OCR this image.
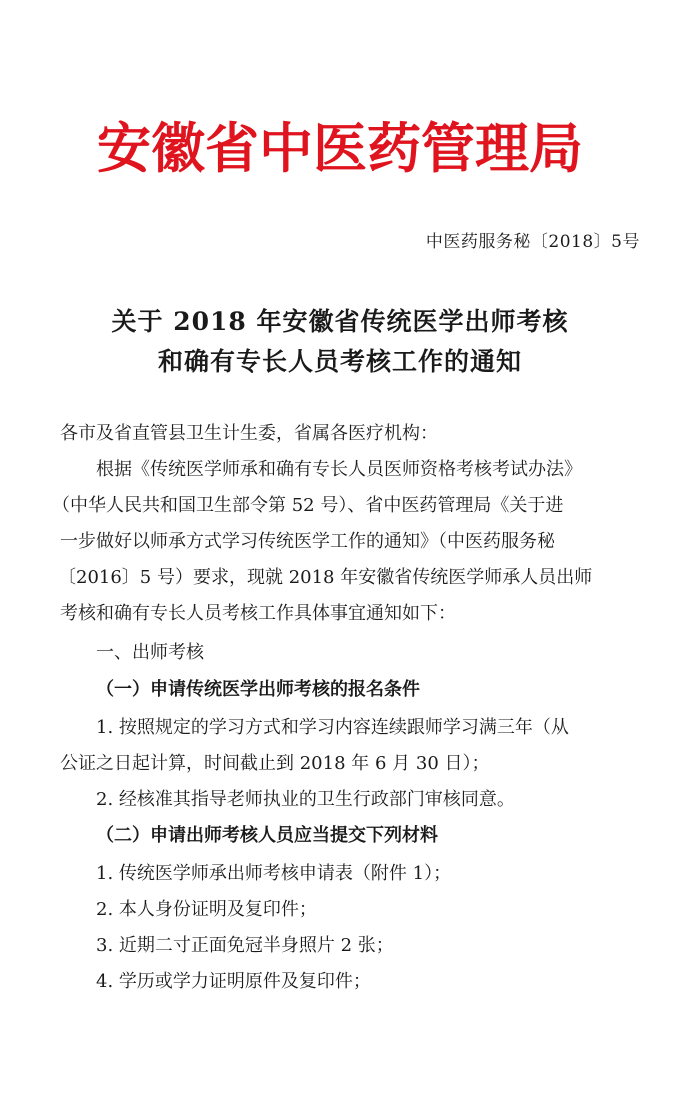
安徽省中医药管理局
中医药服务秘〔2018〕5号
关于 2018 年安徽省传统医学出师考核
和确有专长人员考核工作的通知
各市及省直管县卫生计生委，省属各医疗机构：
根据《传统医学师承和确有专长人员医师资格考核考试办法》
（中华人民共和国卫生部令第 52 号）、省中医药管理局《关于进
一步做好以师承方式学习传统医学工作的通知》（中医药服务秘
〔2016〕5 号）要求，现就 2018 年安徽省传统医学师承人员出师
考核和确有专长人员考核工作具体事宜通知如下：
一、出师考核
（一）申请传统医学出师考核的报名条件
1. 按照规定的学习方式和学习内容连续跟师学习满三年（从
公证之日起计算，时间截止到 2018 年 6 月 30 日）；
2. 经核准其指导老师执业的卫生行政部门审核同意。
（二）申请出师考核人员应当提交下列材料
1. 传统医学师承出师考核申请表（附件 1）；
2. 本人身份证明及复印件；
3. 近期二寸正面免冠半身照片 2 张；
4. 学历或学力证明原件及复印件；
